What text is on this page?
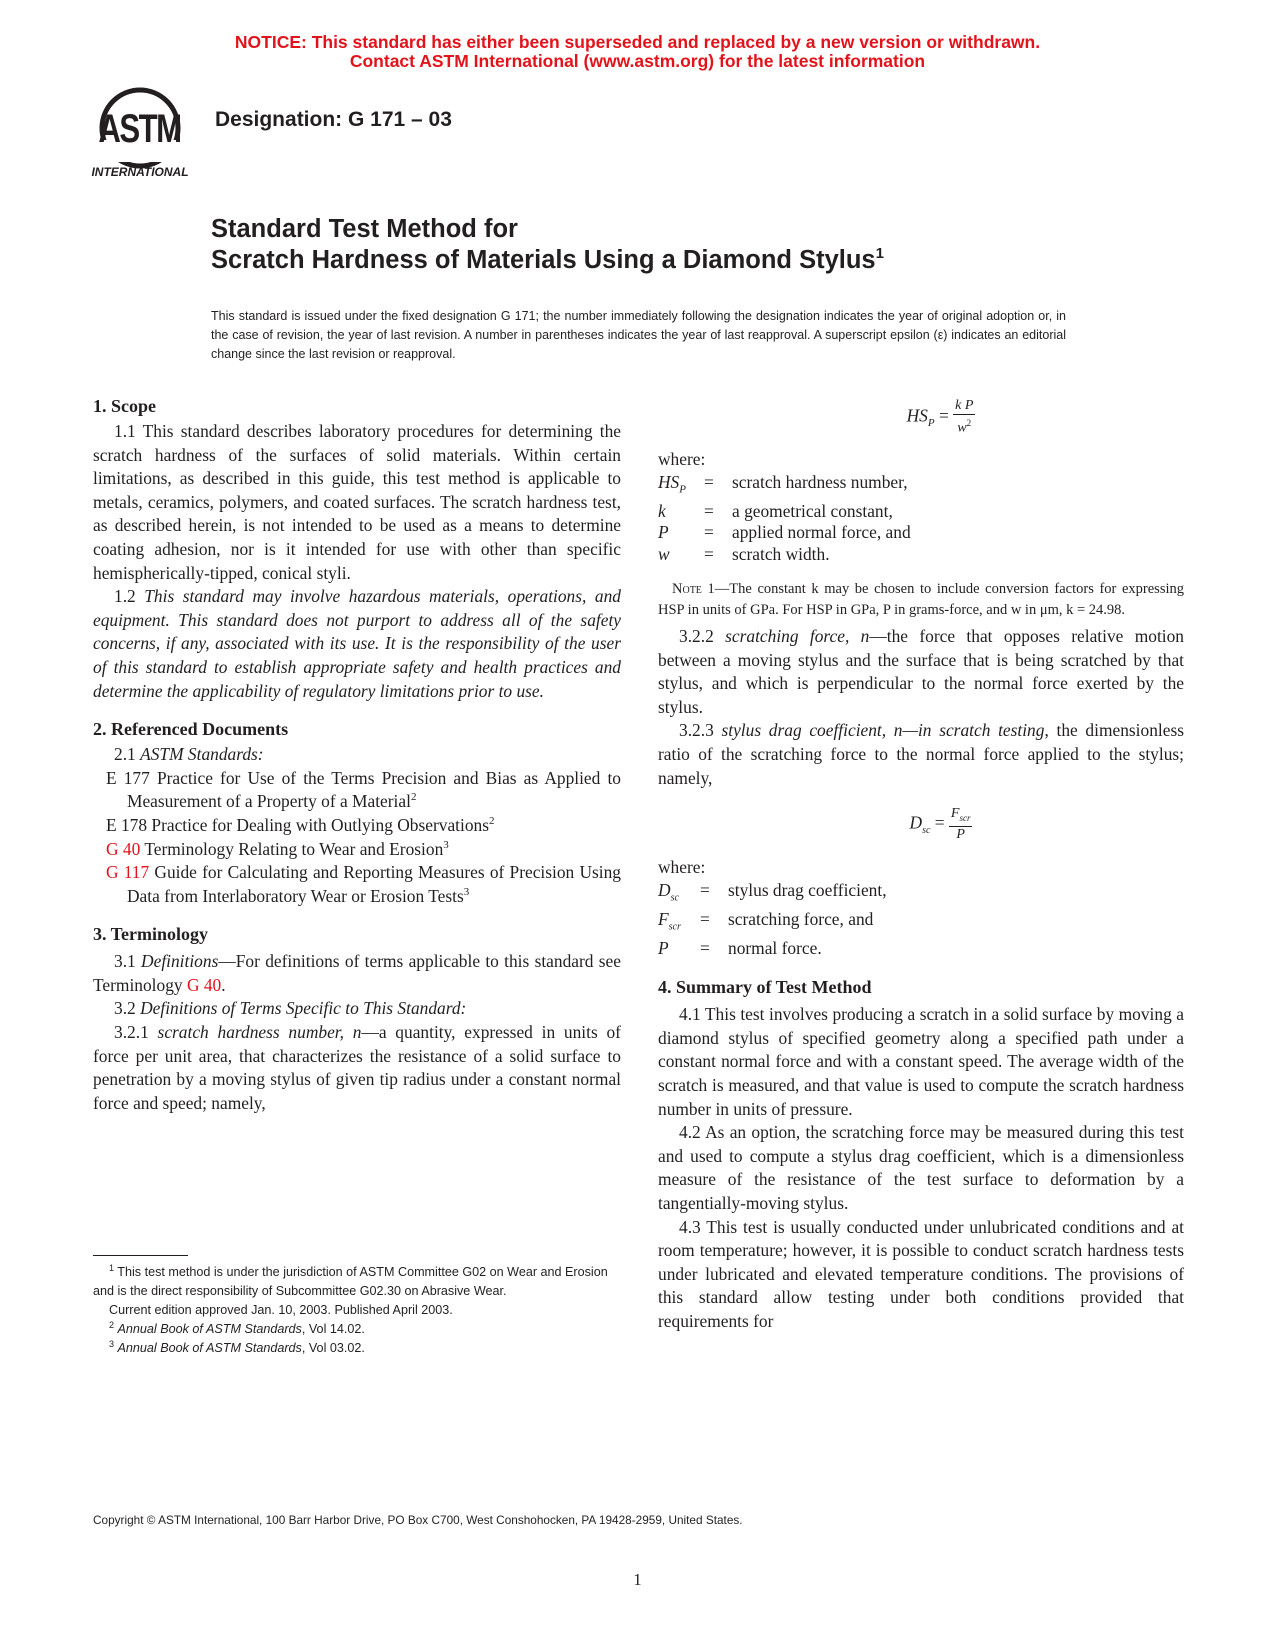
NOTICE: This standard has either been superseded and replaced by a new version or withdrawn.
Contact ASTM International (www.astm.org) for the latest information
ASTM
INTERNATIONAL
Designation: G 171 – 03
Standard Test Method for
Scratch Hardness of Materials Using a Diamond Stylus$^1$
This standard is issued under the fixed designation G 171; the number immediately following the designation indicates the year of original adoption or, in the case of revision, the year of last revision. A number in parentheses indicates the year of last reapproval. A superscript epsilon (ε) indicates an editorial change since the last revision or reapproval.

1. Scope

1.1 This standard describes laboratory procedures for determining the scratch hardness of the surfaces of solid materials. Within certain limitations, as described in this guide, this test method is applicable to metals, ceramics, polymers, and coated surfaces. The scratch hardness test, as described herein, is not intended to be used as a means to determine coating adhesion, nor is it intended for use with other than specific hemispherically-tipped, conical styli.

1.2 This standard may involve hazardous materials, operations, and equipment. This standard does not purport to address all of the safety concerns, if any, associated with its use. It is the responsibility of the user of this standard to establish appropriate safety and health practices and determine the applicability of regulatory limitations prior to use.

2. Referenced Documents

2.1 ASTM Standards:

E 177 Practice for Use of the Terms Precision and Bias as Applied to Measurement of a Property of a Material$^2$

E 178 Practice for Dealing with Outlying Observations$^2$

G 40 Terminology Relating to Wear and Erosion$^3$

G 117 Guide for Calculating and Reporting Measures of Precision Using Data from Interlaboratory Wear or Erosion Tests$^3$

3. Terminology

3.1 Definitions—For definitions of terms applicable to this standard see Terminology G 40.

3.2 Definitions of Terms Specific to This Standard:

3.2.1 scratch hardness number, n—a quantity, expressed in units of force per unit area, that characterizes the resistance of a solid surface to penetration by a moving stylus of given tip radius under a constant normal force and speed; namely,

$^1$ This test method is under the jurisdiction of ASTM Committee G02 on Wear and Erosion and is the direct responsibility of Subcommittee G02.30 on Abrasive Wear.

Current edition approved Jan. 10, 2003. Published April 2003.

$^2$ Annual Book of ASTM Standards, Vol 14.02.

$^3$ Annual Book of ASTM Standards, Vol 03.02.

$HS_P = \frac{\text{k P}}{w^2}$
where:
$HS_P$	=	scratch hardness number,
k	=	a geometrical constant,
P	=	applied normal force, and
w	=	scratch width.

Note 1—The constant k may be chosen to include conversion factors for expressing HSP in units of GPa. For HSP in GPa, P in grams-force, and w in μm, k = 24.98.

3.2.2 scratching force, n—the force that opposes relative motion between a moving stylus and the surface that is being scratched by that stylus, and which is perpendicular to the normal force exerted by the stylus.

3.2.3 stylus drag coefficient, n—in scratch testing, the dimensionless ratio of the scratching force to the normal force applied to the stylus; namely,

$D_{sc} = \frac{F_{scr}}{P}$
where:
$D_{sc}$	=	stylus drag coefficient,
$F_{scr}$	=	scratching force, and
P	=	normal force.

4. Summary of Test Method

4.1 This test involves producing a scratch in a solid surface by moving a diamond stylus of specified geometry along a specified path under a constant normal force and with a constant speed. The average width of the scratch is measured, and that value is used to compute the scratch hardness number in units of pressure.

4.2 As an option, the scratching force may be measured during this test and used to compute a stylus drag coefficient, which is a dimensionless measure of the resistance of the test surface to deformation by a tangentially-moving stylus.

4.3 This test is usually conducted under unlubricated conditions and at room temperature; however, it is possible to conduct scratch hardness tests under lubricated and elevated temperature conditions. The provisions of this standard allow testing under both conditions provided that requirements for

Copyright © ASTM International, 100 Barr Harbor Drive, PO Box C700, West Conshohocken, PA 19428-2959, United States.
1
